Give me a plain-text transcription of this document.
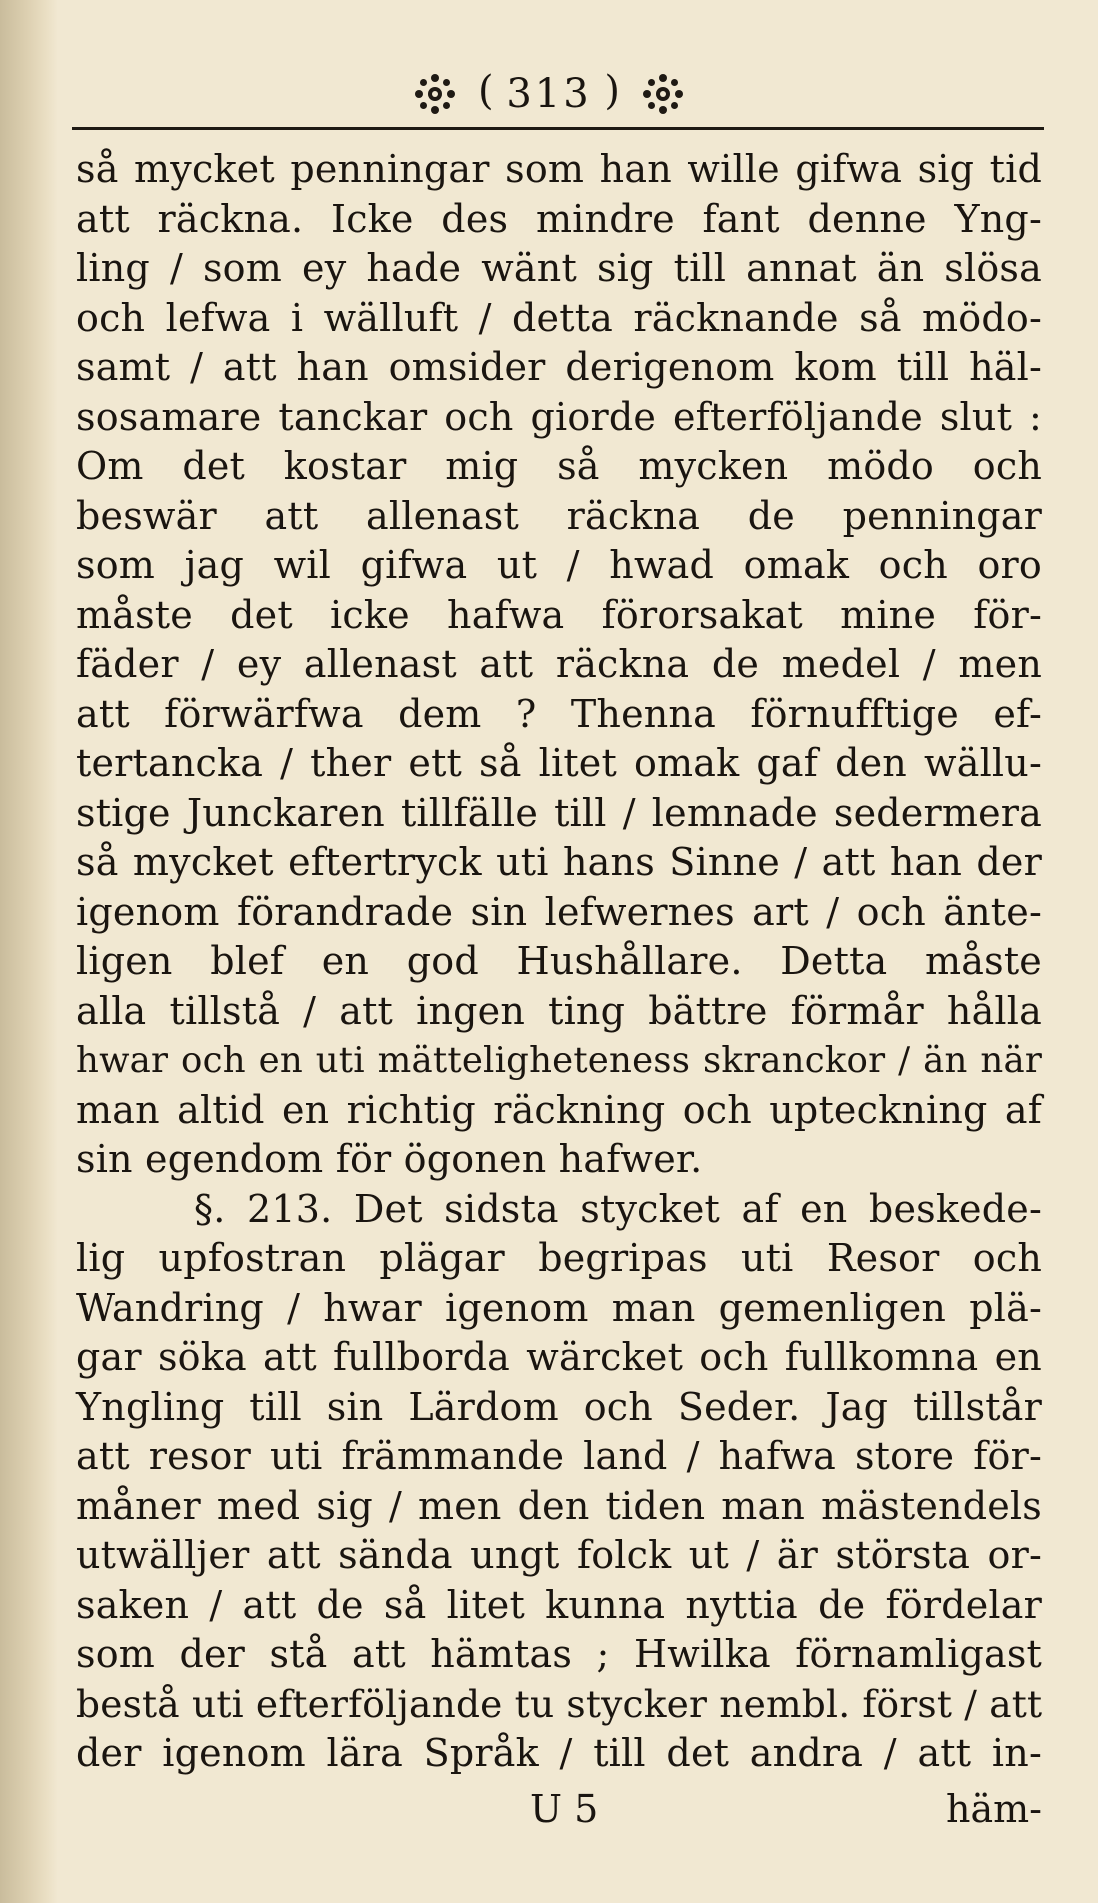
( 313 )
så mycket penningar som han wille gifwa sig tid
att räckna. Icke des mindre fant denne Yng-
ling / som ey hade wänt sig till annat än slösa
och lefwa i wälluft / detta räcknande så mödo-
samt / att han omsider derigenom kom till häl-
sosamare tanckar och giorde efterföljande slut :
Om det kostar mig så mycken mödo och
beswär att allenast räckna de penningar
som jag wil gifwa ut / hwad omak och oro
måste det icke hafwa förorsakat mine för-
fäder / ey allenast att räckna de medel / men
att förwärfwa dem ? Thenna förnufftige ef-
tertancka / ther ett så litet omak gaf den wällu-
stige Junckaren tillfälle till / lemnade sedermera
så mycket eftertryck uti hans Sinne / att han der
igenom förandrade sin lefwernes art / och änte-
ligen blef en god Hushållare. Detta måste
alla tillstå / att ingen ting bättre förmår hålla
hwar och en uti mätteligheteness skranckor / än när
man altid en richtig räckning och upteckning af
sin egendom för ögonen hafwer.
§. 213. Det sidsta stycket af en beskede-
lig upfostran plägar begripas uti Resor och
Wandring / hwar igenom man gemenligen plä-
gar söka att fullborda wärcket och fullkomna en
Yngling till sin Lärdom och Seder. Jag tillstår
att resor uti främmande land / hafwa store för-
måner med sig / men den tiden man mästendels
utwälljer att sända ungt folck ut / är största or-
saken / att de så litet kunna nyttia de fördelar
som der stå att hämtas ; Hwilka förnamligast
bestå uti efterföljande tu stycker nembl. först / att
der igenom lära Språk / till det andra / att in-
U 5	häm-
